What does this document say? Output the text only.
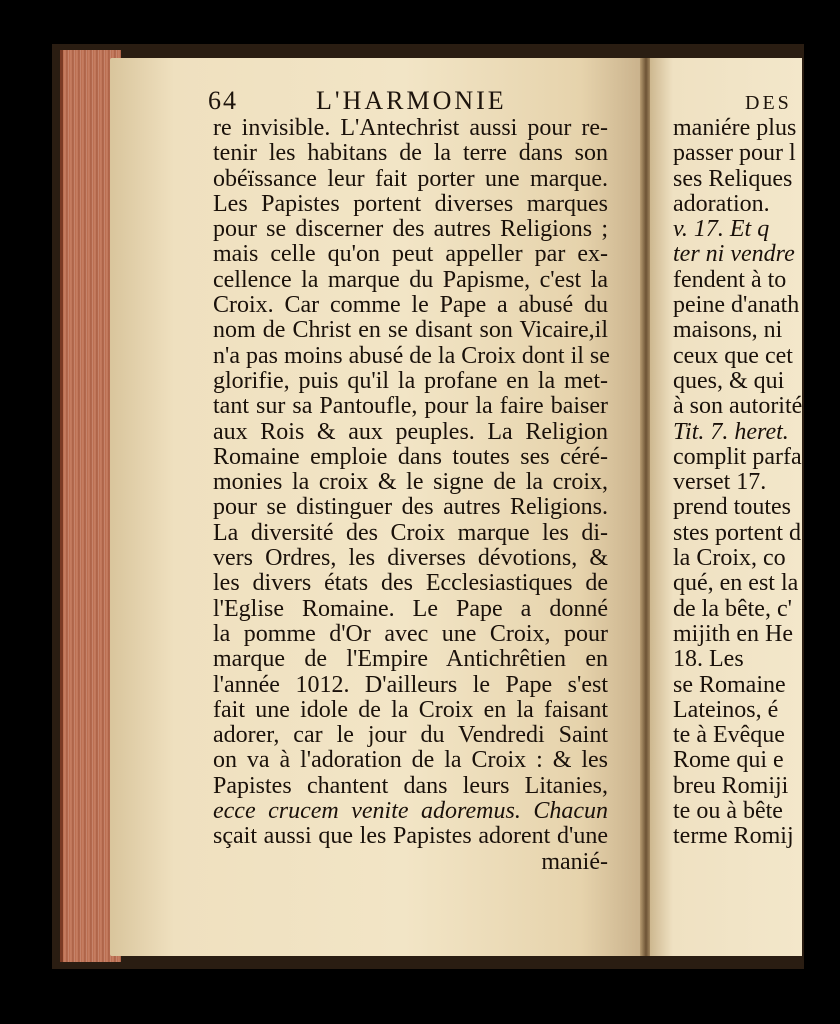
64	L'HARMONIE
re invisible. L'Antechrist aussi pour re-
tenir les habitans de la terre dans son
obéïssance leur fait porter une marque.
Les Papistes portent diverses marques
pour se discerner des autres Religions ;
mais celle qu'on peut appeller par ex-
cellence la marque du Papisme, c'est la
Croix. Car comme le Pape a abusé du
nom de Christ en se disant son Vicaire,il
n'a pas moins abusé de la Croix dont il se
glorifie, puis qu'il la profane en la met-
tant sur sa Pantoufle, pour la faire baiser
aux Rois & aux peuples. La Religion
Romaine emploie dans toutes ses céré-
monies la croix & le signe de la croix,
pour se distinguer des autres Religions.
La diversité des Croix marque les di-
vers Ordres, les diverses dévotions, &
les divers états des Ecclesiastiques de
l'Eglise Romaine. Le Pape a donné
la pomme d'Or avec une Croix, pour
marque de l'Empire Antichrêtien en
l'année 1012. D'ailleurs le Pape s'est
fait une idole de la Croix en la faisant
adorer, car le jour du Vendredi Saint
on va à l'adoration de la Croix : & les
Papistes chantent dans leurs Litanies,
ecce crucem venite adoremus. Chacun
sçait aussi que les Papistes adorent d'une
manié-
DES
maniére plus
passer pour l
ses Reliques
adoration.
v. 17. Et q
ter ni vendre
fendent à to
peine d'anath
maisons, ni
ceux que cet
ques, & qui
à son autorité
Tit. 7. heret.
complit parfa
verset 17.
prend toutes
stes portent d
la Croix, co
qué, en est la
de la bête, c'
mijith en He
18. Les
se Romaine
Lateinos, é
te à Evêque
Rome qui e
breu Romiji
te ou à bête
terme Romij
